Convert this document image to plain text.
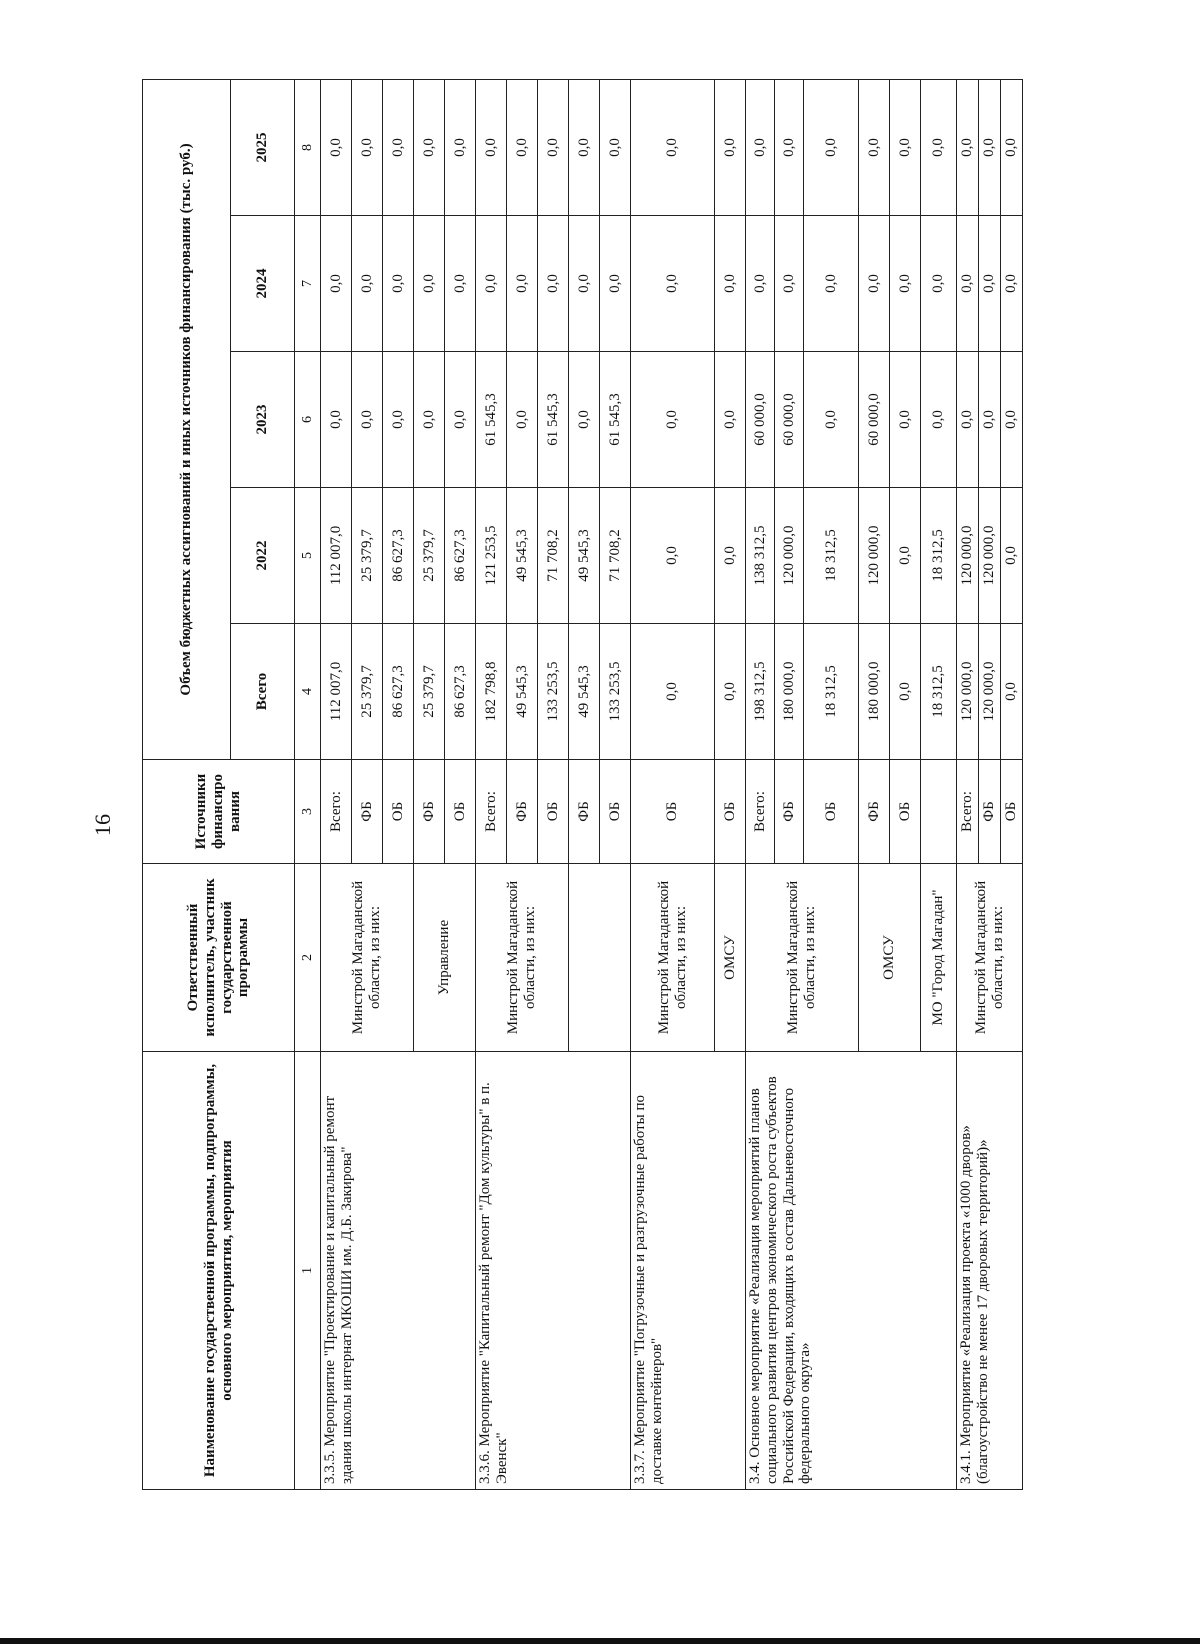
16
Наименование государственной программы, подпрограммы, основного мероприятия, мероприятия	Ответственный исполнитель, участник государственной программы	Источники финансиро вания	Объем бюджетных ассигнований и иных источников финансирования (тыс. руб.)				
			Всего	2022	2023	2024	2025
1	2	3	4	5	6	7	8
3.3.5. Мероприятие "Проектирование и капитальный ремонт здания школы интернат МКОШИ им. Д.Б. Закирова"	Минстрой Магаданской области, из них:	Всего:	112 007,0	112 007,0	0,0	0,0	0,0
		ФБ	25 379,7	25 379,7	0,0	0,0	0,0
		ОБ	86 627,3	86 627,3	0,0	0,0	0,0
	Управление	ФБ	25 379,7	25 379,7	0,0	0,0	0,0
		ОБ	86 627,3	86 627,3	0,0	0,0	0,0
3.3.6. Мероприятие "Капитальный ремонт "Дом культуры" в п. Эвенск"	Минстрой Магаданской области, из них:	Всего:	182 798,8	121 253,5	61 545,3	0,0	0,0
		ФБ	49 545,3	49 545,3	0,0	0,0	0,0
		ОБ	133 253,5	71 708,2	61 545,3	0,0	0,0
		ФБ	49 545,3	49 545,3	0,0	0,0	0,0
		ОБ	133 253,5	71 708,2	61 545,3	0,0	0,0
3.3.7. Мероприятие "Погрузочные и разгрузочные работы по доставке контейнеров"	Минстрой Магаданской области, из них:	ОБ	0,0	0,0	0,0	0,0	0,0
	ОМСУ	ОБ	0,0	0,0	0,0	0,0	0,0
3.4. Основное мероприятие «Реализация мероприятий планов социального развития центров экономического роста субъектов Российской Федерации, входящих в состав Дальневосточного федерального округа»	Минстрой Магаданской области, из них:	Всего:	198 312,5	138 312,5	60 000,0	0,0	0,0
		ФБ	180 000,0	120 000,0	60 000,0	0,0	0,0
		ОБ	18 312,5	18 312,5	0,0	0,0	0,0
	ОМСУ	ФБ	180 000,0	120 000,0	60 000,0	0,0	0,0
		ОБ	0,0	0,0	0,0	0,0	0,0
	МО "Город Магадан"		18 312,5	18 312,5	0,0	0,0	0,0
3.4.1. Мероприятие «Реализация проекта «1000 дворов» (благоустройство не менее 17 дворовых территорий)»	Минстрой Магаданской области, из них:	Всего:	120 000,0	120 000,0	0,0	0,0	0,0
		ФБ	120 000,0	120 000,0	0,0	0,0	0,0
		ОБ	0,0	0,0	0,0	0,0	0,0
